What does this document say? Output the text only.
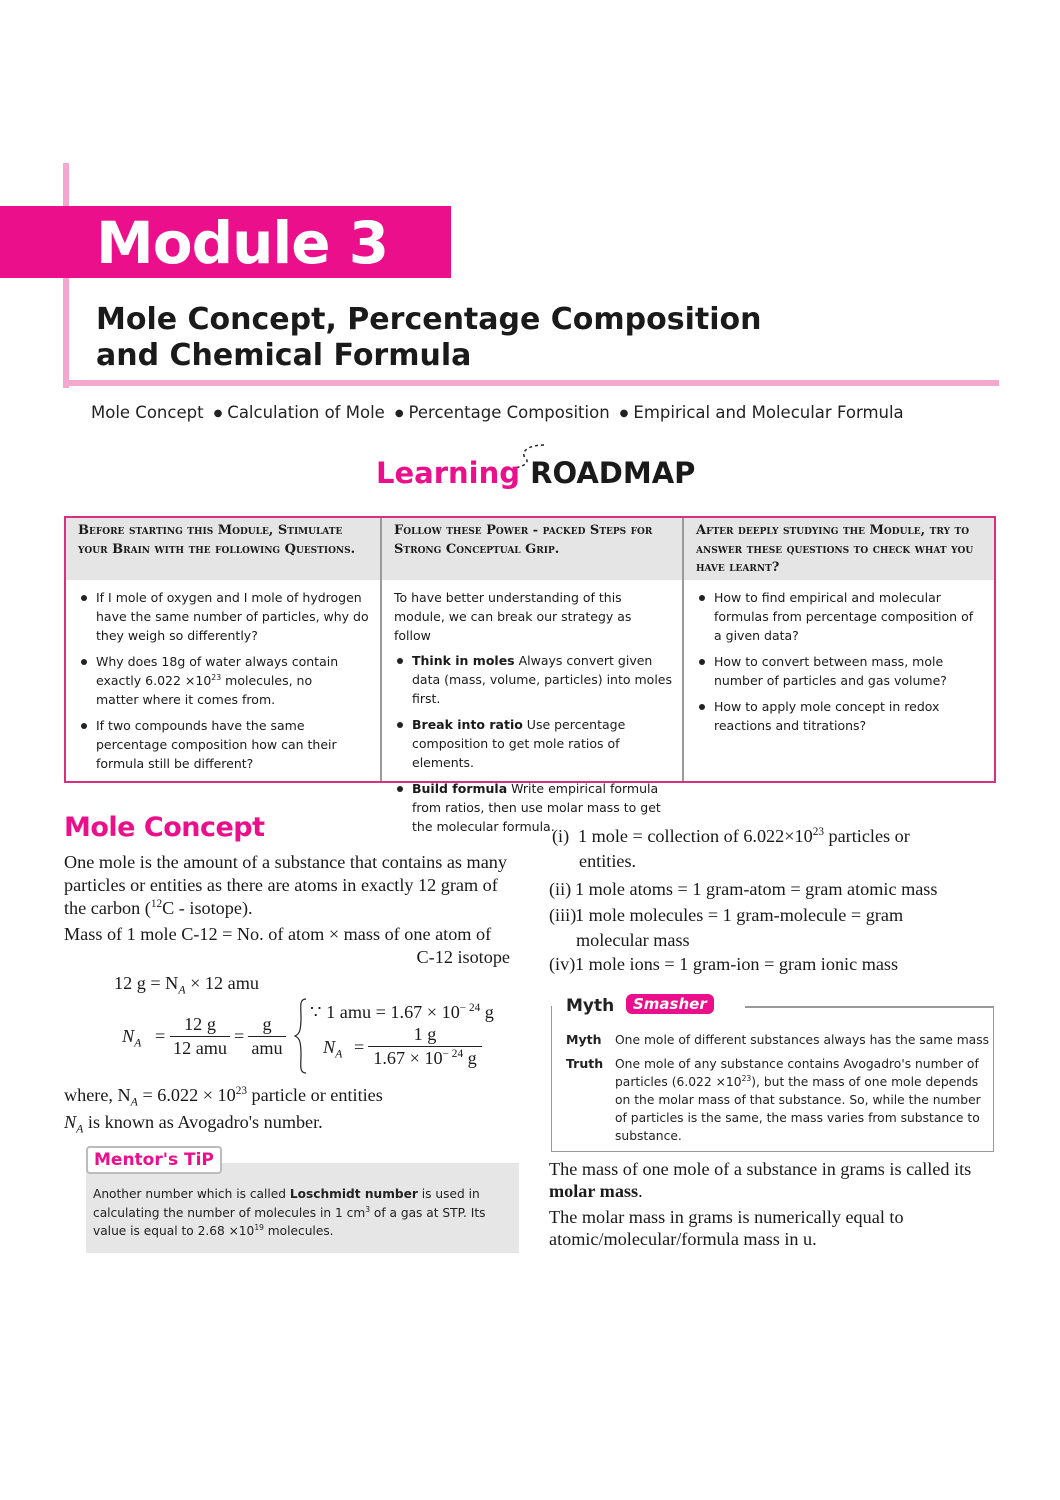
Module 3
Mole Concept, Percentage Composition
and Chemical Formula
Mole Concept ● Calculation of Mole ● Percentage Composition ● Empirical and Molecular Formula
Learning ROADMAP
Before starting this Module, Stimulate your Brain with the following Questions.
Follow these Power - packed Steps for Strong Conceptual Grip.
After deeply studying the Module, try to answer these questions to check what you have learnt?
If I mole of oxygen and I mole of hydrogen have the same number of particles, why do they weigh so differently?
Why does 18g of water always contain exactly $6.022 \times 10^{23}$ molecules, no
matter where it comes from.
If two compounds have the same percentage composition how can their formula still be different?
To have better understanding of this module, we can break our strategy as follow
Think in moles Always convert given data (mass, volume, particles) into moles first.
Break into ratio Use percentage composition to get mole ratios of elements.
Build formula Write empirical formula from ratios, then use molar mass to get the molecular formula.
How to find empirical and molecular formulas from percentage composition of a given data?
How to convert between mass, mole number of particles and gas volume?
How to apply mole concept in redox reactions and titrations?
Mole Concept
One mole is the amount of a substance that contains as many particles or entities as there are atoms in exactly 12 gram of the carbon ($^{12}$C - isotope).
Mass of 1 mole C-12 = No. of atom × mass of one atom of
C-12 isotope
12 $g = N_A \times 12$ amu
$N_A$ =
12 g
12 amu
=
g
amu
∵ 1 amu = $1.67 \times 10^{- 24}$ g
$N_A = \frac{1 g}{1.67 \times 10^{- 24} g}$
where, $N_A = 6.022 \times 10^{23}$ particle or entities
$N_A$ is known as Avogadro's number.
Mentor's TiP
Another number which is called Loschmidt number is used in calculating the number of molecules in 1 $cm^3$ of a gas at STP. Its value is equal to $2.68 \times 10^{19}$ molecules.
(i) 1 mole = collection of $6.022\times 10^{23}$ particles or
entities.
(ii) 1 mole atoms = 1 gram-atom = gram atomic mass
(iii)1 mole molecules = 1 gram-molecule = gram
molecular mass
(iv)1 mole ions = 1 gram-ion = gram ionic mass
Myth	Smasher
Myth One mole of different substances always has the same mass
Truth One mole of any substance contains Avogadro's number of particles $(6.022 \times 10^{23})$, but the mass of one mole depends on the molar mass of that substance. So, while the number of particles is the same, the mass varies from substance to substance.
The mass of one mole of a substance in grams is called its molar mass.
The molar mass in grams is numerically equal to atomic/molecular/formula mass in u.
